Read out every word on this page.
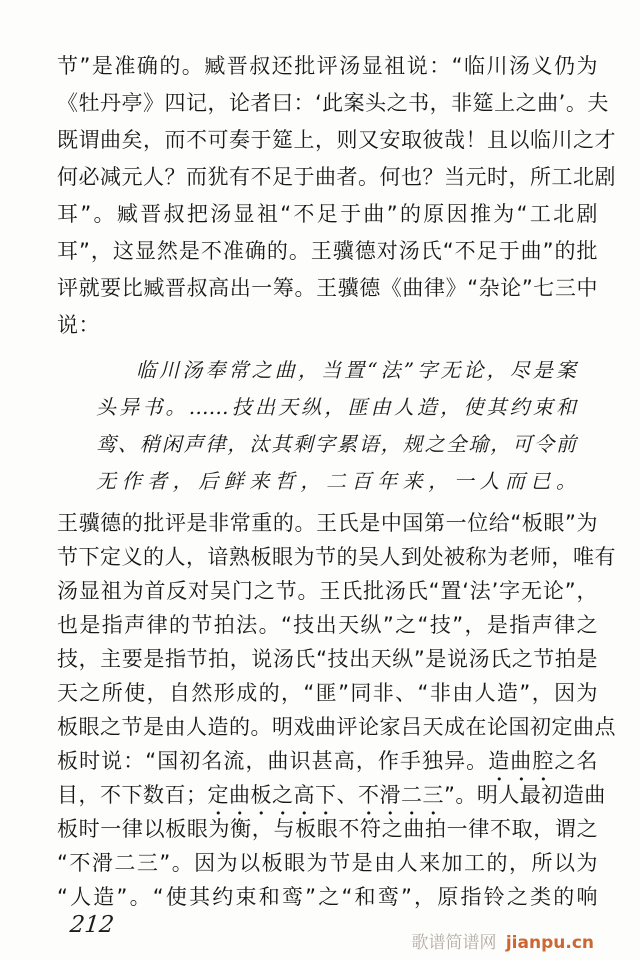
节”是准确的。臧晋叔还批评汤显祖说：“临川汤义仍为
《牡丹亭》四记，论者曰：‘此案头之书，非筵上之曲’。夫
既谓曲矣，而不可奏于筵上，则又安取彼哉！且以临川之才
何必减元人？而犹有不足于曲者。何也？当元时，所工北剧
耳”。臧晋叔把汤显祖“不足于曲”的原因推为“工北剧
耳”，这显然是不准确的。王骥德对汤氏“不足于曲”的批
评就要比臧晋叔高出一筹。王骥德《曲律》“杂论”七三中
说：
临川汤奉常之曲，当置“法”字无论，尽是案
头异书。……技出天纵，匪由人造，使其约束和
鸾、稍闲声律，汰其剩字累语，规之全瑜，可令前
无作者，后鲜来哲，二百年来，一人而已。
王骥德的批评是非常重的。王氏是中国第一位给“板眼”为
节下定义的人，谙熟板眼为节的吴人到处被称为老师，唯有
汤显祖为首反对吴门之节。王氏批汤氏“置‘法’字无论”，
也是指声律的节拍法。“技出天纵”之“技”，是指声律之
技，主要是指节拍，说汤氏“技出天纵”是说汤氏之节拍是
天之所使，自然形成的，“匪”同非、“非由人造”，因为
板眼之节是由人造的。明戏曲评论家吕天成在论国初定曲点
板时说：“国初名流，曲识甚高，作手独异。造曲腔之名
目，不下数百；定曲板之高下、不滑二三”。明人最初造曲
板时一律以板眼为衡，与板眼不符之曲拍一律不取，谓之
“不滑二三”。因为以板眼为节是由人来加工的，所以为
“人造”。“使其约束和鸾”之“和鸾”，原指铃之类的响
212
歌谱简谱网 jianpu.cn
